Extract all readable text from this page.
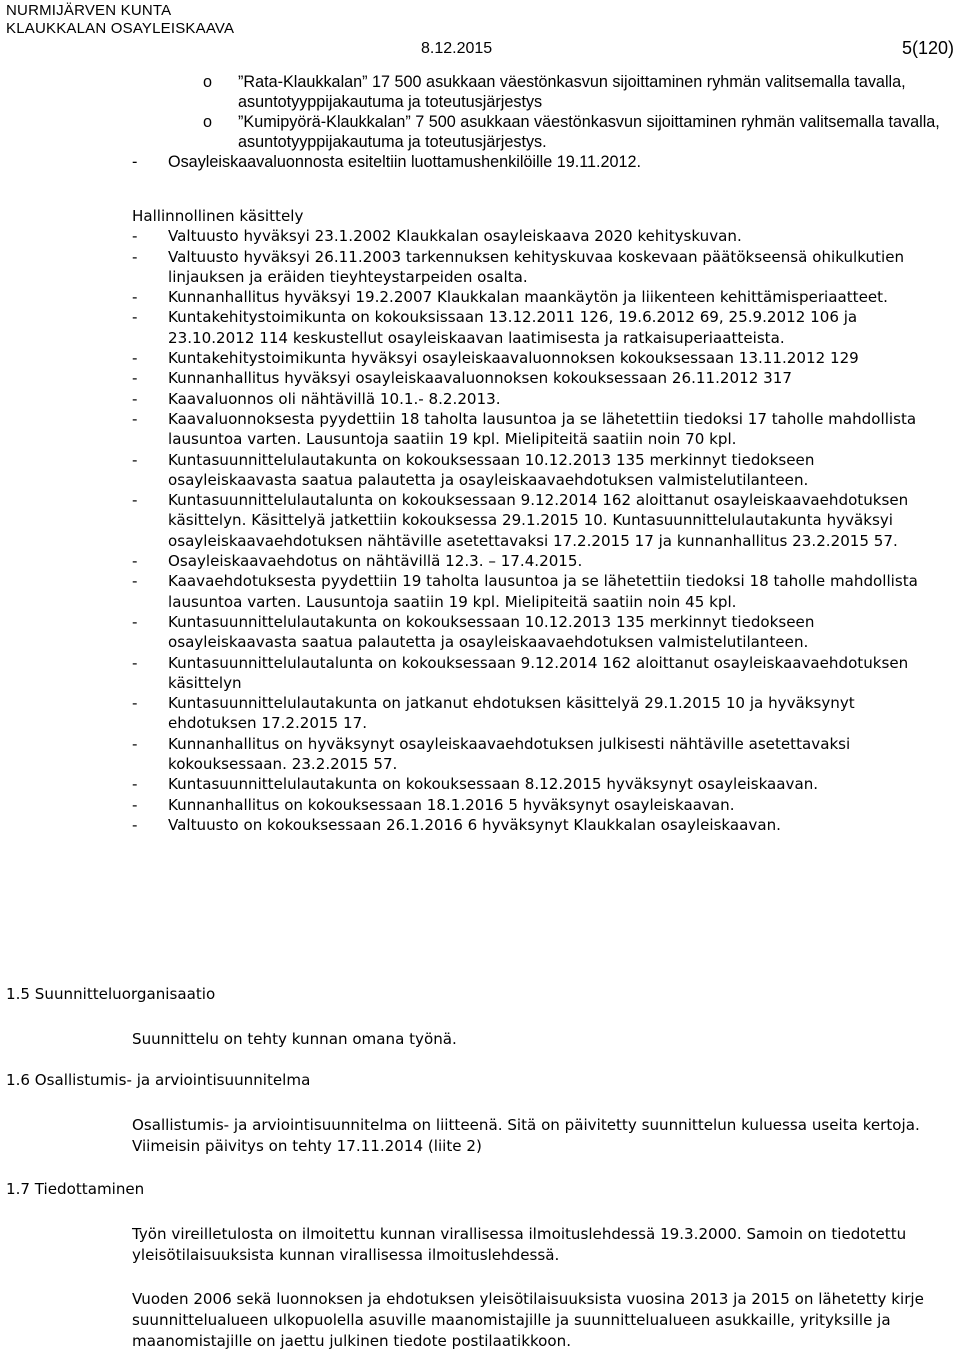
NURMIJÄRVEN KUNTA
KLAUKKALAN OSAYLEISKAAVA
8.12.2015	5(120)
o ”Rata-Klaukkalan” 17 500 asukkaan väestönkasvun sijoittaminen ryhmän valitsemalla tavalla, asuntotyyppijakautuma ja toteutusjärjestys
o ”Kumipyörä-Klaukkalan” 7 500 asukkaan väestönkasvun sijoittaminen ryhmän valitsemalla tavalla, asuntotyyppijakautuma ja toteutusjärjestys.
- Osayleiskaavaluonnosta esiteltiin luottamushenkilöille 19.11.2012.
Hallinnollinen käsittely
- Valtuusto hyväksyi 23.1.2002 Klaukkalan osayleiskaava 2020 kehityskuvan.
- Valtuusto hyväksyi 26.11.2003 tarkennuksen kehityskuvaa koskevaan päätökseensä ohikulkutien linjauksen ja eräiden tieyhteystarpeiden osalta.
- Kunnanhallitus hyväksyi 19.2.2007 Klaukkalan maankäytön ja liikenteen kehittämisperiaatteet.
- Kuntakehitystoimikunta on kokouksissaan 13.12.2011 126, 19.6.2012 69, 25.9.2012 106 ja 23.10.2012 114 keskustellut osayleiskaavan laatimisesta ja ratkaisuperiaatteista.
- Kuntakehitystoimikunta hyväksyi osayleiskaavaluonnoksen kokouksessaan 13.11.2012 129
- Kunnanhallitus hyväksyi osayleiskaavaluonnoksen kokouksessaan 26.11.2012 317
- Kaavaluonnos oli nähtävillä 10.1.- 8.2.2013.
- Kaavaluonnoksesta pyydettiin 18 taholta lausuntoa ja se lähetettiin tiedoksi 17 taholle mahdollista lausuntoa varten. Lausuntoja saatiin 19 kpl. Mielipiteitä saatiin noin 70 kpl.
- Kuntasuunnittelulautakunta on kokouksessaan 10.12.2013 135 merkinnyt tiedokseen osayleiskaavasta saatua palautetta ja osayleiskaavaehdotuksen valmistelutilanteen.
- Kuntasuunnittelulautalunta on kokouksessaan 9.12.2014 162 aloittanut osayleiskaavaehdotuksen käsittelyn. Käsittelyä jatkettiin kokouksessa 29.1.2015 10. Kuntasuunnittelulautakunta hyväksyi osayleiskaavaehdotuksen nähtäville asetettavaksi 17.2.2015 17 ja kunnanhallitus 23.2.2015 57.
- Osayleiskaavaehdotus on nähtävillä 12.3. – 17.4.2015.
- Kaavaehdotuksesta pyydettiin 19 taholta lausuntoa ja se lähetettiin tiedoksi 18 taholle mahdollista lausuntoa varten. Lausuntoja saatiin 19 kpl. Mielipiteitä saatiin noin 45 kpl.
- Kuntasuunnittelulautakunta on kokouksessaan 10.12.2013 135 merkinnyt tiedokseen osayleiskaavasta saatua palautetta ja osayleiskaavaehdotuksen valmistelutilanteen.
- Kuntasuunnittelulautalunta on kokouksessaan 9.12.2014 162 aloittanut osayleiskaavaehdotuksen käsittelyn
- Kuntasuunnittelulautakunta on jatkanut ehdotuksen käsittelyä 29.1.2015 10 ja hyväksynyt ehdotuksen 17.2.2015 17.
- Kunnanhallitus on hyväksynyt osayleiskaavaehdotuksen julkisesti nähtäville asetettavaksi kokouksessaan. 23.2.2015 57.
- Kuntasuunnittelulautakunta on kokouksessaan 8.12.2015 hyväksynyt osayleiskaavan.
- Kunnanhallitus on kokouksessaan 18.1.2016 5 hyväksynyt osayleiskaavan.
- Valtuusto on kokouksessaan 26.1.2016 6 hyväksynyt Klaukkalan osayleiskaavan.
1.5 Suunnitteluorganisaatio
Suunnittelu on tehty kunnan omana työnä.
1.6 Osallistumis- ja arviointisuunnitelma
Osallistumis- ja arviointisuunnitelma on liitteenä. Sitä on päivitetty suunnittelun kuluessa useita kertoja. Viimeisin päivitys on tehty 17.11.2014 (liite 2)
1.7 Tiedottaminen
Työn vireilletulosta on ilmoitettu kunnan virallisessa ilmoituslehdessä 19.3.2000. Samoin on tiedotettu yleisötilaisuuksista kunnan virallisessa ilmoituslehdessä.
Vuoden 2006 sekä luonnoksen ja ehdotuksen yleisötilaisuuksista vuosina 2013 ja 2015 on lähetetty kirje suunnittelualueen ulkopuolella asuville maanomistajille ja suunnittelualueen asukkaille, yrityksille ja maanomistajille on jaettu julkinen tiedote postilaatikkoon.
